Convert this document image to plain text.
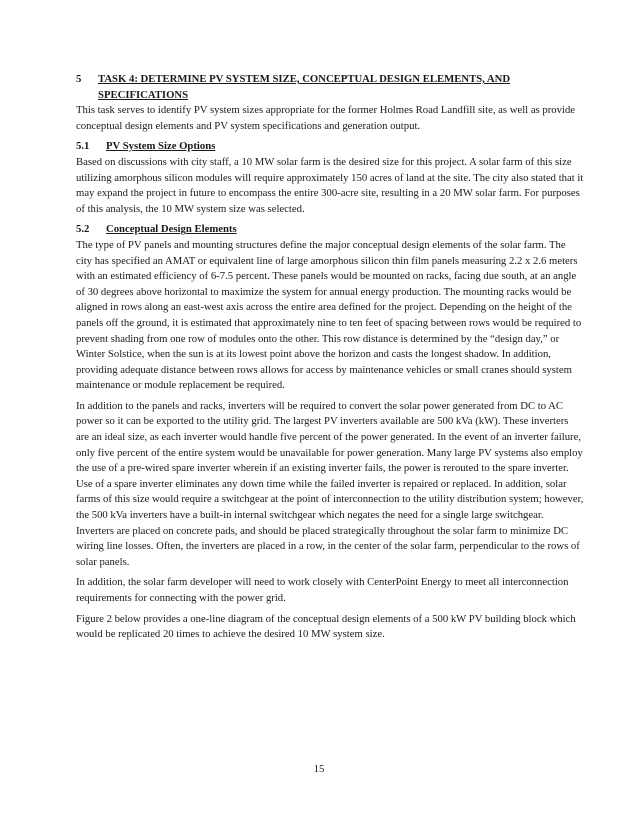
5	TASK 4: DETERMINE PV SYSTEM SIZE, CONCEPTUAL DESIGN ELEMENTS, AND SPECIFICATIONS

This task serves to identify PV system sizes appropriate for the former Holmes Road Landfill site, as well as provide conceptual design elements and PV system specifications and generation output.

5.1	PV System Size Options

Based on discussions with city staff, a 10 MW solar farm is the desired size for this project. A solar farm of this size utilizing amorphous silicon modules will require approximately 150 acres of land at the site. The city also stated that it may expand the project in future to encompass the entire 300-acre site, resulting in a 20 MW solar farm. For purposes of this analysis, the 10 MW system size was selected.

5.2	Conceptual Design Elements

The type of PV panels and mounting structures define the major conceptual design elements of the solar farm. The city has specified an AMAT or equivalent line of large amorphous silicon thin film panels measuring 2.2 x 2.6 meters with an estimated efficiency of 6-7.5 percent. These panels would be mounted on racks, facing due south, at an angle of 30 degrees above horizontal to maximize the system for annual energy production. The mounting racks would be aligned in rows along an east-west axis across the entire area defined for the project. Depending on the height of the panels off the ground, it is estimated that approximately nine to ten feet of spacing between rows would be required to prevent shading from one row of modules onto the other. This row distance is determined by the “design day,” or Winter Solstice, when the sun is at its lowest point above the horizon and casts the longest shadow. In addition, providing adequate distance between rows allows for access by maintenance vehicles or small cranes should system maintenance or module replacement be required.

In addition to the panels and racks, inverters will be required to convert the solar power generated from DC to AC power so it can be exported to the utility grid. The largest PV inverters available are 500 kVa (kW). These inverters are an ideal size, as each inverter would handle five percent of the power generated. In the event of an inverter failure, only five percent of the entire system would be unavailable for power generation. Many large PV systems also employ the use of a pre-wired spare inverter wherein if an existing inverter fails, the power is rerouted to the spare inverter. Use of a spare inverter eliminates any down time while the failed inverter is repaired or replaced. In addition, solar farms of this size would require a switchgear at the point of interconnection to the utility distribution system; however, the 500 kVa inverters have a built-in internal switchgear which negates the need for a single large switchgear. Inverters are placed on concrete pads, and should be placed strategically throughout the solar farm to minimize DC wiring line losses. Often, the inverters are placed in a row, in the center of the solar farm, perpendicular to the rows of solar panels.

In addition, the solar farm developer will need to work closely with CenterPoint Energy to meet all interconnection requirements for connecting with the power grid.

Figure 2 below provides a one-line diagram of the conceptual design elements of a 500 kW PV building block which would be replicated 20 times to achieve the desired 10 MW system size.

15
